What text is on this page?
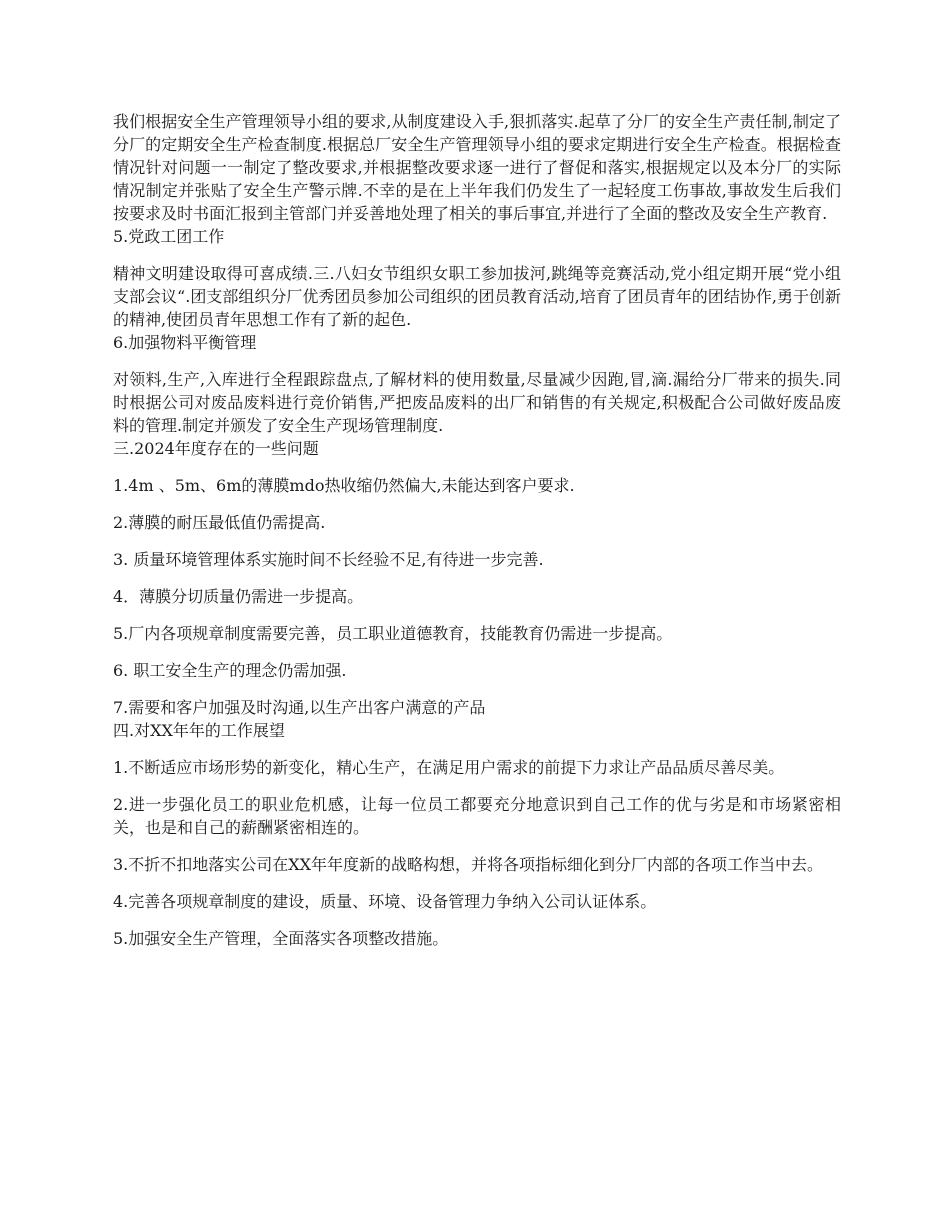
我们根据安全生产管理领导小组的要求,从制度建设入手,狠抓落实.起草了分厂的安全生产责任制,制定了分厂的定期安全生产检查制度.根据总厂安全生产管理领导小组的要求定期进行安全生产检查。根据检查情况针对问题一一制定了整改要求,并根据整改要求逐一进行了督促和落实,根据规定以及本分厂的实际情况制定并张贴了安全生产警示牌.不幸的是在上半年我们仍发生了一起轻度工伤事故,事故发生后我们按要求及时书面汇报到主管部门并妥善地处理了相关的事后事宜,并进行了全面的整改及安全生产教育.

5.党政工团工作

精神文明建设取得可喜成绩.三.八妇女节组织女职工参加拔河,跳绳等竞赛活动,党小组定期开展“党小组支部会议“.团支部组织分厂优秀团员参加公司组织的团员教育活动,培育了团员青年的团结协作,勇于创新的精神,使团员青年思想工作有了新的起色.

6.加强物料平衡管理

对领料,生产,入库进行全程跟踪盘点,了解材料的使用数量,尽量减少因跑,冒,滴.漏给分厂带来的损失.同时根据公司对废品废料进行竞价销售,严把废品废料的出厂和销售的有关规定,积极配合公司做好废品废料的管理.制定并颁发了安全生产现场管理制度.

三.2024年度存在的一些问题

1.4m 、5m、6m的薄膜mdo热收缩仍然偏大,未能达到客户要求.

2.薄膜的耐压最低值仍需提高.

3. 质量环境管理体系实施时间不长经验不足,有待进一步完善.

4．薄膜分切质量仍需进一步提高。

5.厂内各项规章制度需要完善，员工职业道德教育，技能教育仍需进一步提高。

6. 职工安全生产的理念仍需加强.

7.需要和客户加强及时沟通,以生产出客户满意的产品

四.对XX年年的工作展望

1.不断适应市场形势的新变化，精心生产，在满足用户需求的前提下力求让产品品质尽善尽美。

2.进一步强化员工的职业危机感，让每一位员工都要充分地意识到自己工作的优与劣是和市场紧密相关，也是和自己的薪酬紧密相连的。

3.不折不扣地落实公司在XX年年度新的战略构想，并将各项指标细化到分厂内部的各项工作当中去。

4.完善各项规章制度的建设，质量、环境、设备管理力争纳入公司认证体系。

5.加强安全生产管理，全面落实各项整改措施。
